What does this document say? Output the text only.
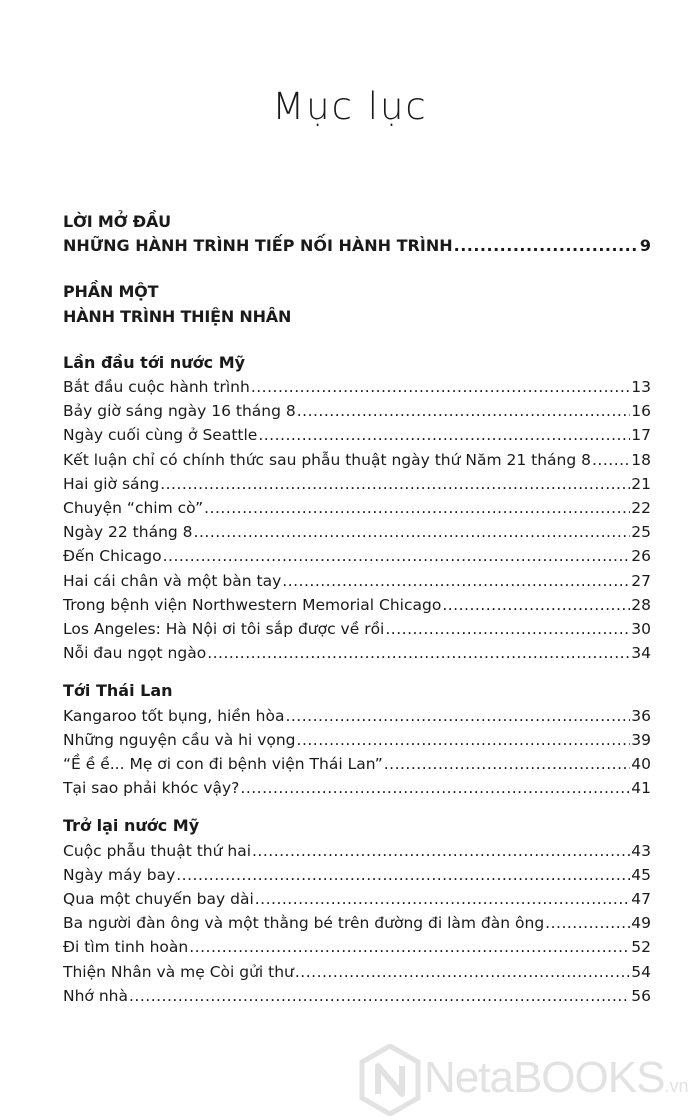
Mục lục
LỜI MỞ ĐẦU
NHỮNG HÀNH TRÌNH TIẾP NỐI HÀNH TRÌNH .....	9
PHẦN MỘT
HÀNH TRÌNH THIỆN NHÂN
Lần đầu tới nước Mỹ
Bắt đầu cuộc hành trình .....	13
Bảy giờ sáng ngày 16 tháng 8 .....	16
Ngày cuối cùng ở Seattle .....	17
Kết luận chỉ có chính thức sau phẫu thuật ngày thứ Năm 21 tháng 8 .....	18
Hai giờ sáng .....	21
Chuyện “chim cò” .....	22
Ngày 22 tháng 8 .....	25
Đến Chicago .....	26
Hai cái chân và một bàn tay .....	27
Trong bệnh viện Northwestern Memorial Chicago .....	28
Los Angeles: Hà Nội ơi tôi sắp được về rồi .....	30
Nỗi đau ngọt ngào .....	34
Tới Thái Lan
Kangaroo tốt bụng, hiền hòa .....	36
Những nguyện cầu và hi vọng .....	39
“Ề ề ề... Mẹ ơi con đi bệnh viện Thái Lan” .....	40
Tại sao phải khóc vậy? .....	41
Trở lại nước Mỹ
Cuộc phẫu thuật thứ hai .....	43
Ngày máy bay .....	45
Qua một chuyến bay dài .....	47
Ba người đàn ông và một thằng bé trên đường đi làm đàn ông .....	49
Đi tìm tinh hoàn .....	52
Thiện Nhân và mẹ Còi gửi thư .....	54
Nhớ nhà .....	56
NetaBOOKS.vn
